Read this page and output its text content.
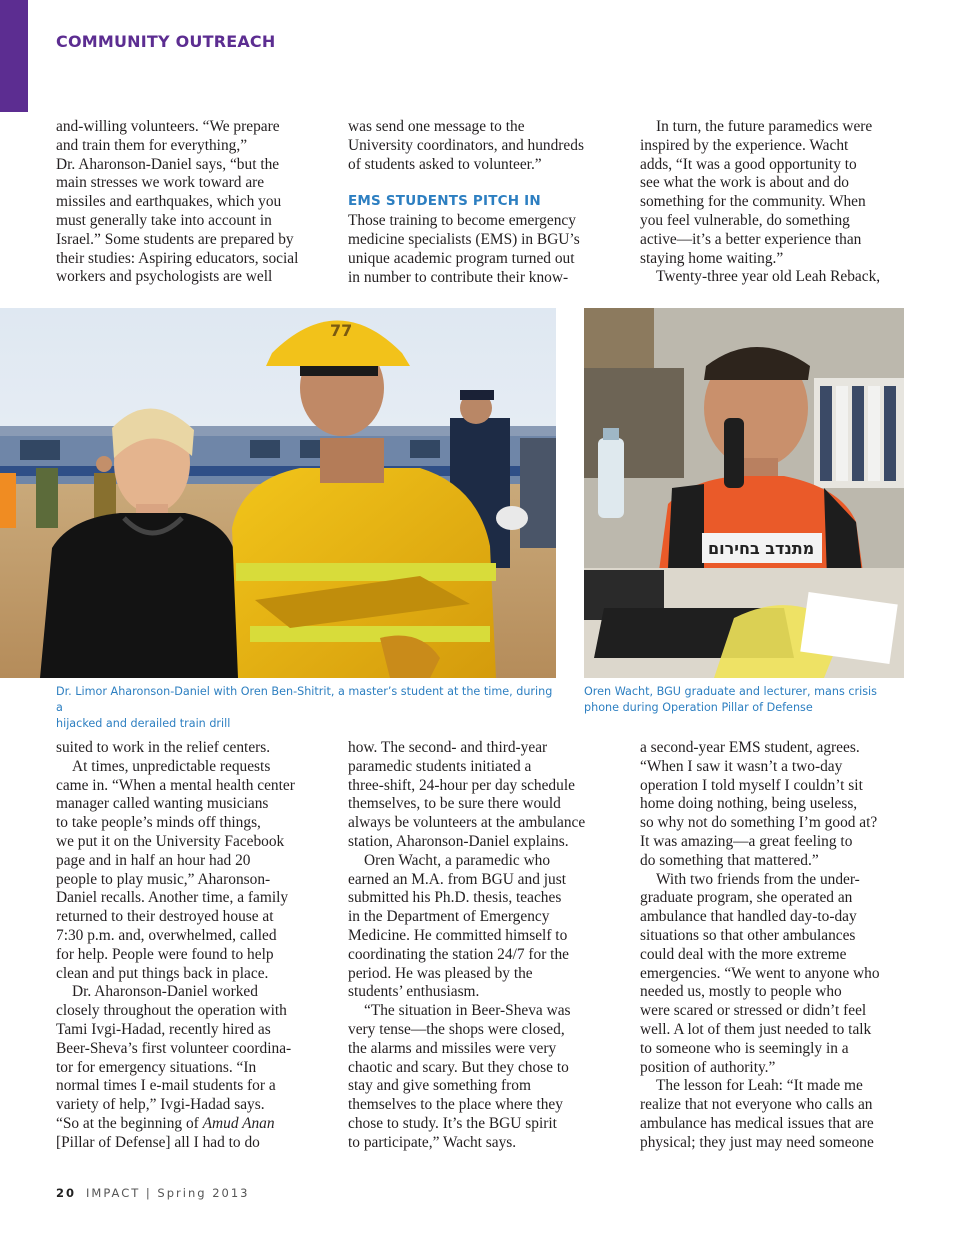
COMMUNITY OUTREACH
and-willing volunteers. “We prepare
and train them for everything,”
Dr. Aharonson-Daniel says, “but the
main stresses we work toward are
missiles and earthquakes, which you
must generally take into account in
Israel.” Some students are prepared by
their studies: Aspiring educators, social
workers and psychologists are well
was send one message to the
University coordinators, and hundreds
of students asked to volunteer.”
EMS STUDENTS PITCH IN
Those training to become emergency
medicine specialists (EMS) in BGU’s
unique academic program turned out
in number to contribute their know-
In turn, the future paramedics were
inspired by the experience. Wacht
adds, “It was a good opportunity to
see what the work is about and do
something for the community. When
you feel vulnerable, do something
active—it’s a better experience than
staying home waiting.”
Twenty-three year old Leah Reback,
77
מתנדב בחירום
Dr. Limor Aharonson-Daniel with Oren Ben-Shitrit, a master’s student at the time, during a
hijacked and derailed train drill
Oren Wacht, BGU graduate and lecturer, mans crisis
phone during Operation Pillar of Defense
suited to work in the relief centers.
At times, unpredictable requests
came in. “When a mental health center
manager called wanting musicians
to take people’s minds off things,
we put it on the University Facebook
page and in half an hour had 20
people to play music,” Aharonson-
Daniel recalls. Another time, a family
returned to their destroyed house at
7:30 p.m. and, overwhelmed, called
for help. People were found to help
clean and put things back in place.
Dr. Aharonson-Daniel worked
closely throughout the operation with
Tami Ivgi-Hadad, recently hired as
Beer-Sheva’s first volunteer coordina-
tor for emergency situations. “In
normal times I e-mail students for a
variety of help,” Ivgi-Hadad says.
“So at the beginning of Amud Anan
[Pillar of Defense] all I had to do
how. The second- and third-year
paramedic students initiated a
three-shift, 24-hour per day schedule
themselves, to be sure there would
always be volunteers at the ambulance
station, Aharonson-Daniel explains.
Oren Wacht, a paramedic who
earned an M.A. from BGU and just
submitted his Ph.D. thesis, teaches
in the Department of Emergency
Medicine. He committed himself to
coordinating the station 24/7 for the
period. He was pleased by the
students’ enthusiasm.
“The situation in Beer-Sheva was
very tense—the shops were closed,
the alarms and missiles were very
chaotic and scary. But they chose to
stay and give something from
themselves to the place where they
chose to study. It’s the BGU spirit
to participate,” Wacht says.
a second-year EMS student, agrees.
“When I saw it wasn’t a two-day
operation I told myself I couldn’t sit
home doing nothing, being useless,
so why not do something I’m good at?
It was amazing—a great feeling to
do something that mattered.”
With two friends from the under-
graduate program, she operated an
ambulance that handled day-to-day
situations so that other ambulances
could deal with the more extreme
emergencies. “We went to anyone who
needed us, mostly to people who
were scared or stressed or didn’t feel
well. A lot of them just needed to talk
to someone who is seemingly in a
position of authority.”
The lesson for Leah: “It made me
realize that not everyone who calls an
ambulance has medical issues that are
physical; they just may need someone
20 IMPACT | Spring 2013
